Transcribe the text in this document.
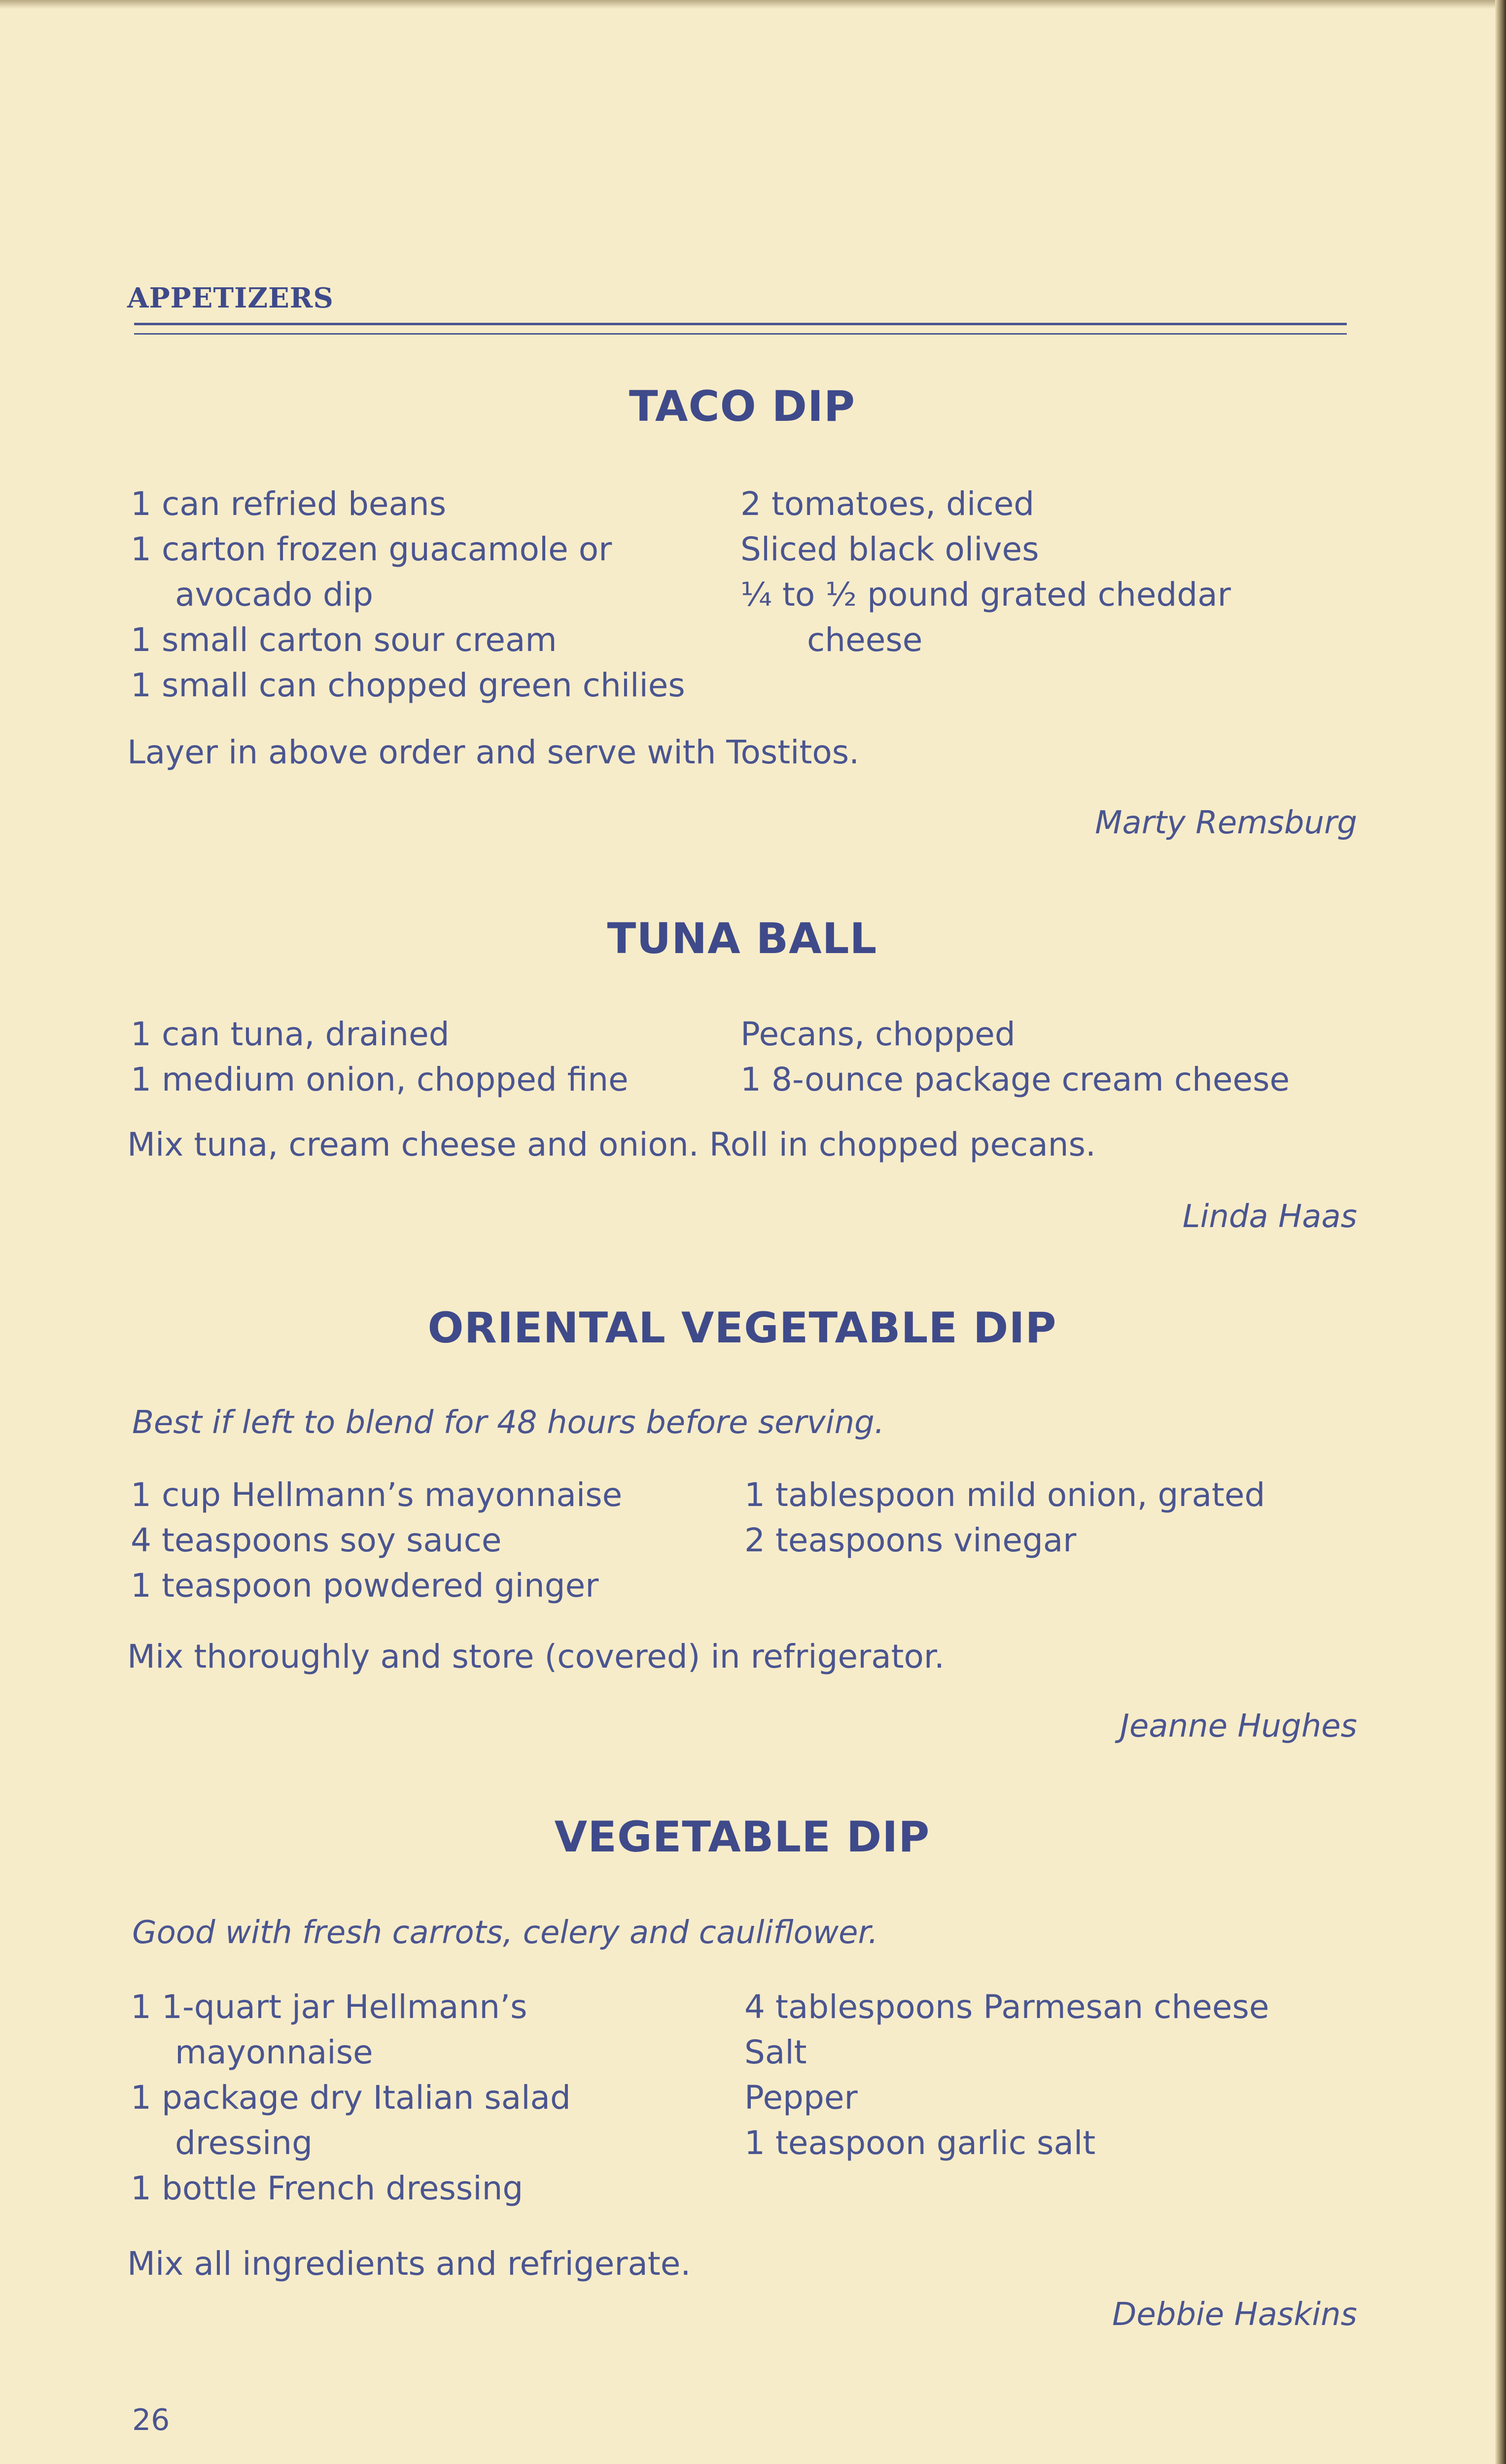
APPETIZERS
TACO DIP
1 can refried beans
1 carton frozen guacamole or
avocado dip
1 small carton sour cream
1 small can chopped green chilies
2 tomatoes, diced
Sliced black olives
¼ to ½ pound grated cheddar
cheese
Layer in above order and serve with Tostitos.
Marty Remsburg
TUNA BALL
1 can tuna, drained
1 medium onion, chopped fine
Pecans, chopped
1 8-ounce package cream cheese
Mix tuna, cream cheese and onion. Roll in chopped pecans.
Linda Haas
ORIENTAL VEGETABLE DIP
Best if left to blend for 48 hours before serving.
1 cup Hellmann’s mayonnaise
4 teaspoons soy sauce
1 teaspoon powdered ginger
1 tablespoon mild onion, grated
2 teaspoons vinegar
Mix thoroughly and store (covered) in refrigerator.
Jeanne Hughes
VEGETABLE DIP
Good with fresh carrots, celery and cauliflower.
1 1-quart jar Hellmann’s
mayonnaise
1 package dry Italian salad
dressing
1 bottle French dressing
4 tablespoons Parmesan cheese
Salt
Pepper
1 teaspoon garlic salt
Mix all ingredients and refrigerate.
Debbie Haskins
26
